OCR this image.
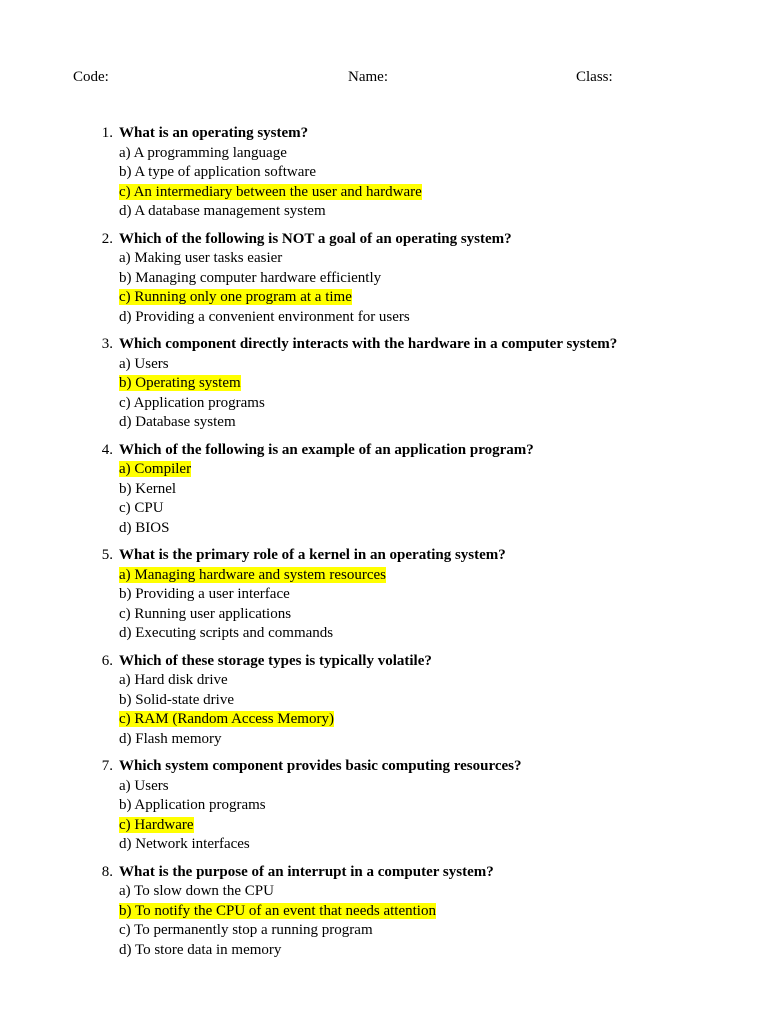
Code:	Name:	Class:
1. What is an operating system?
a) A programming language
b) A type of application software
c) An intermediary between the user and hardware
d) A database management system
2. Which of the following is NOT a goal of an operating system?
a) Making user tasks easier
b) Managing computer hardware efficiently
c) Running only one program at a time
d) Providing a convenient environment for users
3. Which component directly interacts with the hardware in a computer system?
a) Users
b) Operating system
c) Application programs
d) Database system
4. Which of the following is an example of an application program?
a) Compiler
b) Kernel
c) CPU
d) BIOS
5. What is the primary role of a kernel in an operating system?
a) Managing hardware and system resources
b) Providing a user interface
c) Running user applications
d) Executing scripts and commands
6. Which of these storage types is typically volatile?
a) Hard disk drive
b) Solid-state drive
c) RAM (Random Access Memory)
d) Flash memory
7. Which system component provides basic computing resources?
a) Users
b) Application programs
c) Hardware
d) Network interfaces
8. What is the purpose of an interrupt in a computer system?
a) To slow down the CPU
b) To notify the CPU of an event that needs attention
c) To permanently stop a running program
d) To store data in memory
